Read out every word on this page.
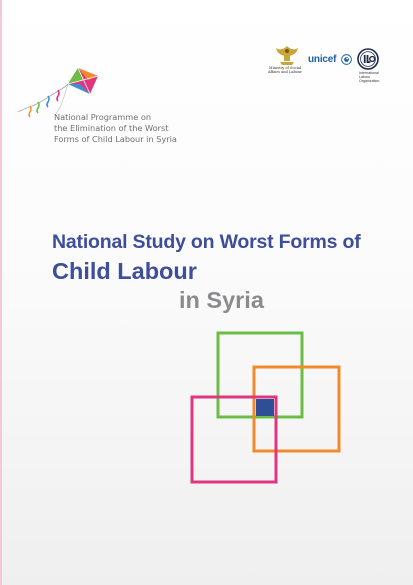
National Programme on
the Elimination of the Worst
Forms of Child Labour in Syria
Ministry of Social
Affairs and Labour
unicef
International
Labour
Organization
National Study on Worst Forms of
Child Labour
in Syria
